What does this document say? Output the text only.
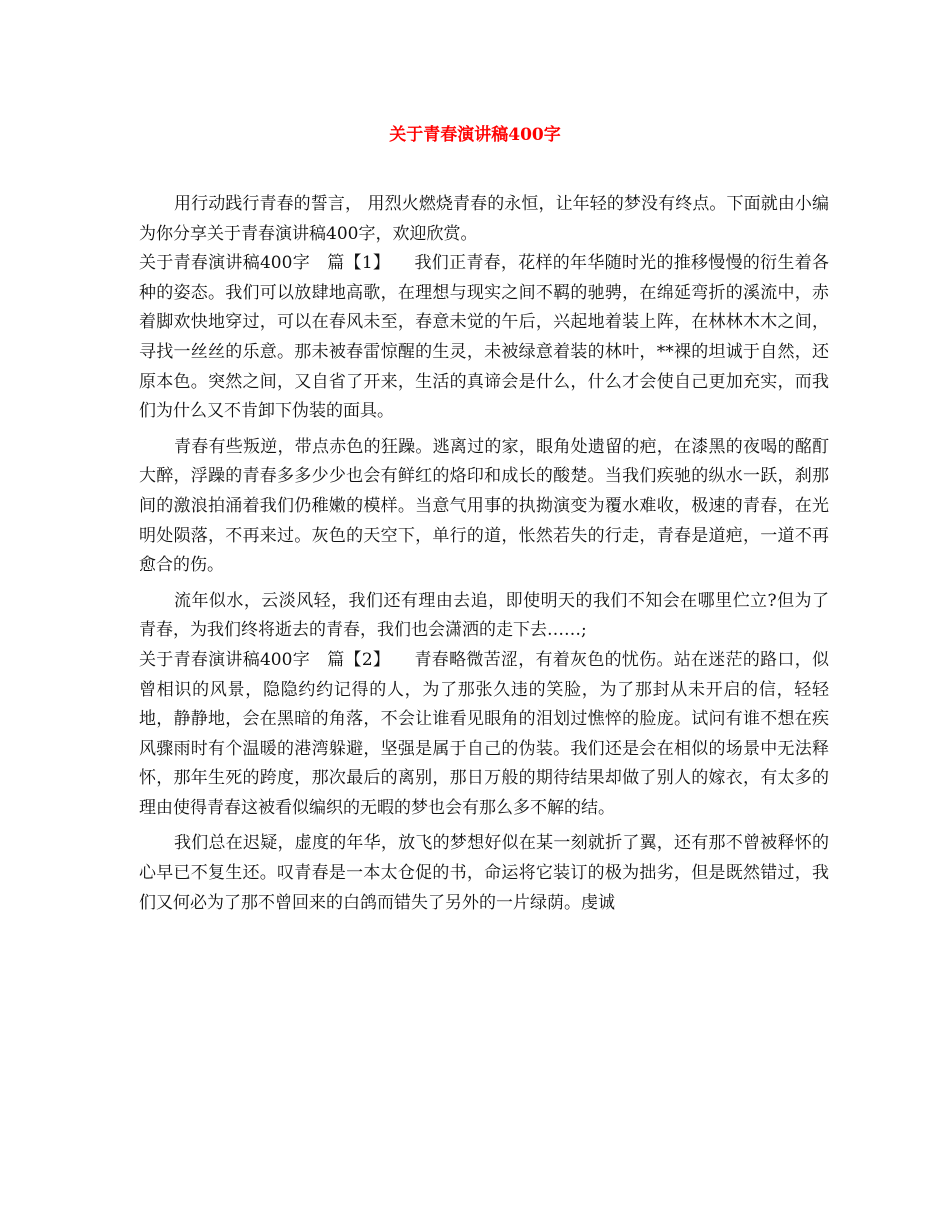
关于青春演讲稿400字

用行动践行青春的誓言， 用烈火燃烧青春的永恒，让年轻的梦没有终点。下面就由小编为你分享关于青春演讲稿400字，欢迎欣赏。

关于青春演讲稿400字　篇【1】 我们正青春，花样的年华随时光的推移慢慢的衍生着各种的姿态。我们可以放肆地高歌，在理想与现实之间不羁的驰骋，在绵延弯折的溪流中，赤着脚欢快地穿过，可以在春风未至，春意未觉的午后，兴起地着装上阵，在林林木木之间，寻找一丝丝的乐意。那未被春雷惊醒的生灵，未被绿意着装的林叶，**裸的坦诚于自然，还原本色。突然之间，又自省了开来，生活的真谛会是什么，什么才会使自己更加充实，而我们为什么又不肯卸下伪装的面具。

青春有些叛逆，带点赤色的狂躁。逃离过的家，眼角处遗留的疤，在漆黑的夜喝的酩酊大醉，浮躁的青春多多少少也会有鲜红的烙印和成长的酸楚。当我们疾驰的纵水一跃，刹那间的激浪拍涌着我们仍稚嫩的模样。当意气用事的执拗演变为覆水难收，极速的青春，在光明处陨落，不再来过。灰色的天空下，单行的道，怅然若失的行走，青春是道疤，一道不再愈合的伤。

流年似水，云淡风轻，我们还有理由去追，即使明天的我们不知会在哪里伫立?但为了青春，为我们终将逝去的青春，我们也会潇洒的走下去……;

关于青春演讲稿400字　篇【2】 青春略微苦涩，有着灰色的忧伤。站在迷茫的路口，似曾相识的风景，隐隐约约记得的人，为了那张久违的笑脸，为了那封从未开启的信，轻轻地，静静地，会在黑暗的角落，不会让谁看见眼角的泪划过憔悴的脸庞。试问有谁不想在疾风骤雨时有个温暖的港湾躲避，坚强是属于自己的伪装。我们还是会在相似的场景中无法释怀，那年生死的跨度，那次最后的离别，那日万般的期待结果却做了别人的嫁衣，有太多的理由使得青春这被看似编织的无暇的梦也会有那么多不解的结。

我们总在迟疑，虚度的年华，放飞的梦想好似在某一刻就折了翼，还有那不曾被释怀的心早已不复生还。叹青春是一本太仓促的书，命运将它装订的极为拙劣，但是既然错过，我们又何必为了那不曾回来的白鸽而错失了另外的一片绿荫。虔诚
